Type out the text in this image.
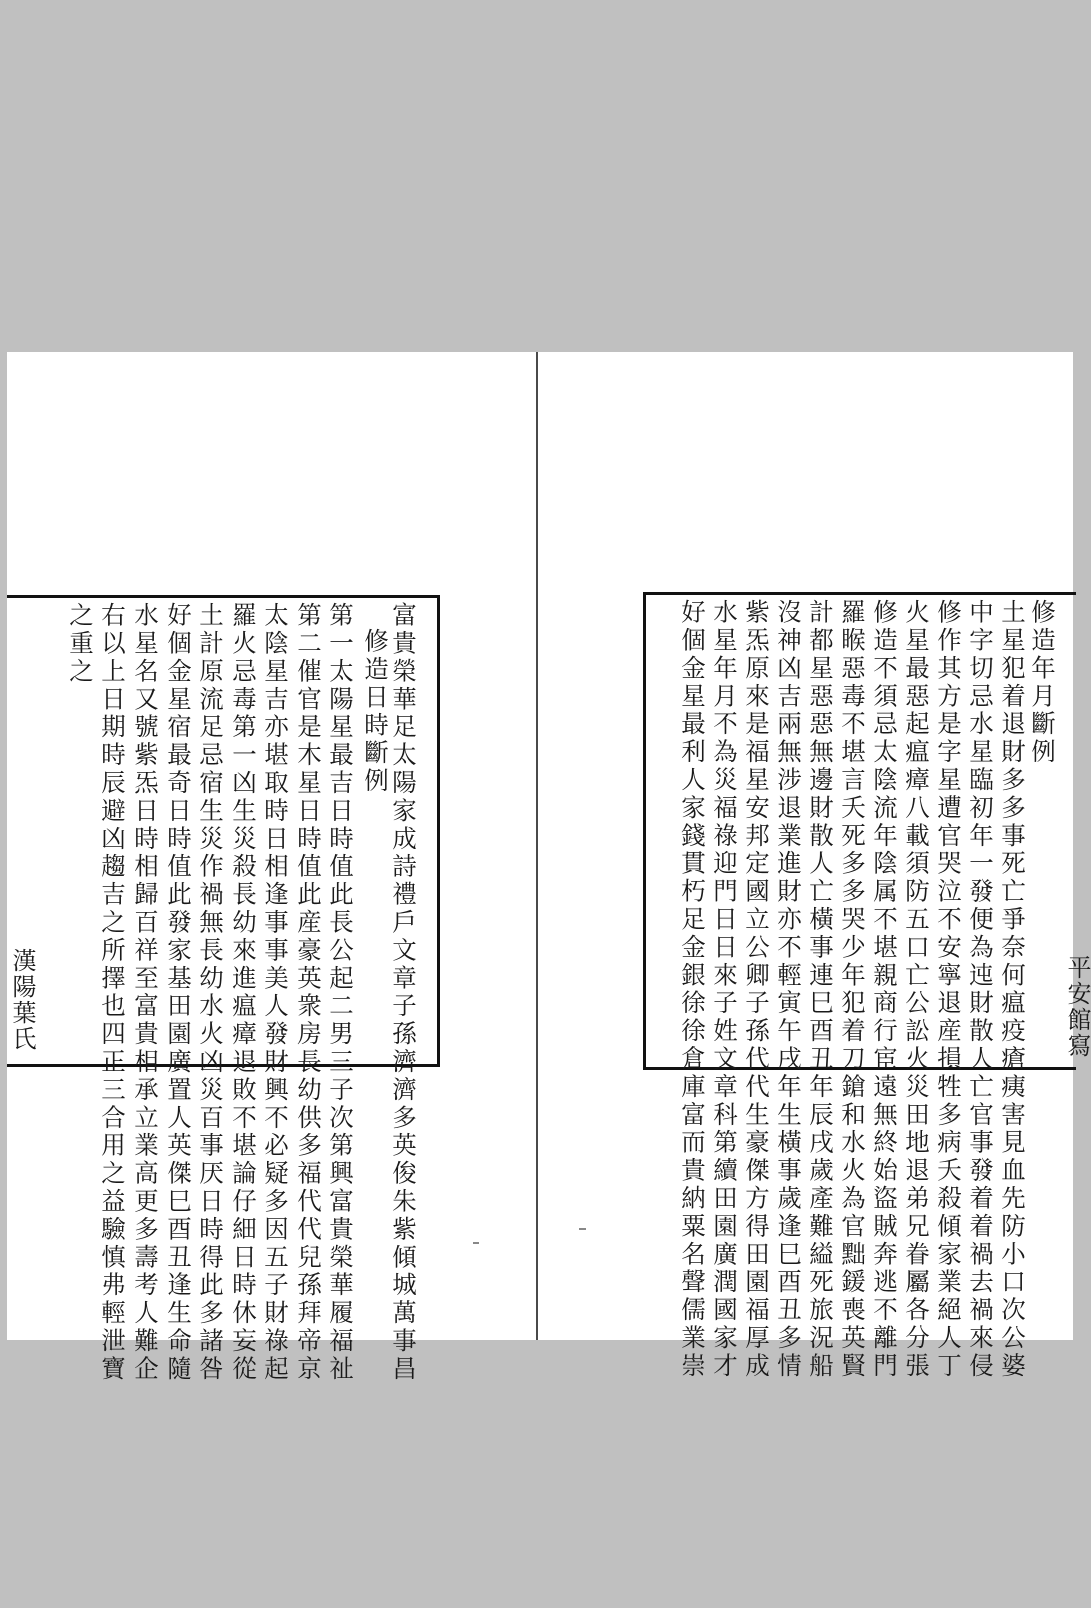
富貴榮華足太陽家成詩禮戶文章子孫濟濟多英俊朱紫傾城萬事昌
修造日時斷例
第一太陽星最吉日時值此長公起二男三子次第興富貴榮華履福祉
第二催官是木星日時值此産豪英衆房長幼供多福代代兒孫拜帝京
太陰星吉亦堪取時日相逢事事美人發財興不必疑多因五子財祿起
羅火忌毒第一凶生災殺長幼來進瘟瘴退敗不堪論仔細日時休妄從
土計原流足忌宿生災作禍無長幼水火凶災百事厌日時得此多諸咎
好個金星宿最奇日時值此發家基田園廣置人英傑巳酉丑逢生命隨
水星名又號紫炁日時相歸百祥至富貴相承立業高更多壽考人難企
右以上日期時辰避凶趨吉之所擇也四正三合用之益驗慎弗輕泄寶
之重之
漢陽葉氏
修造年月斷例
土星犯着退財多多事死亡爭奈何瘟疫瘡痍害見血先防小口次公婆
中字切忌水星臨初年一發便為迍財散人亡官事發着着禍去禍來侵
修作其方是字星遭官哭泣不安寧退産損牲多病夭殺傾家業絕人丁
火星最惡起瘟瘴八載須防五口亡公訟火災田地退弟兄眷屬各分張
修造不須忌太陰流年陰属不堪親商行宦遠無終始盜賊奔逃不離門
羅睺惡毒不堪言夭死多多哭少年犯着刀鎗和水火為官黜鍰喪英賢
計都星惡惡無邊財散人亡橫事連巳酉丑年辰戌歲產難縊死旅況船
沒神凶吉兩無涉退業進財亦不輕寅午戌年生橫事歲逢巳酉丑多情
紫炁原來是福星安邦定國立公卿子孫代代生豪傑方得田園福厚成
水星年月不為災福祿迎門日日來子姓文章科第續田園廣潤國家才
好個金星最利人家錢貫朽足金銀徐徐倉庫富而貴納粟名聲儒業崇	平安館寫
